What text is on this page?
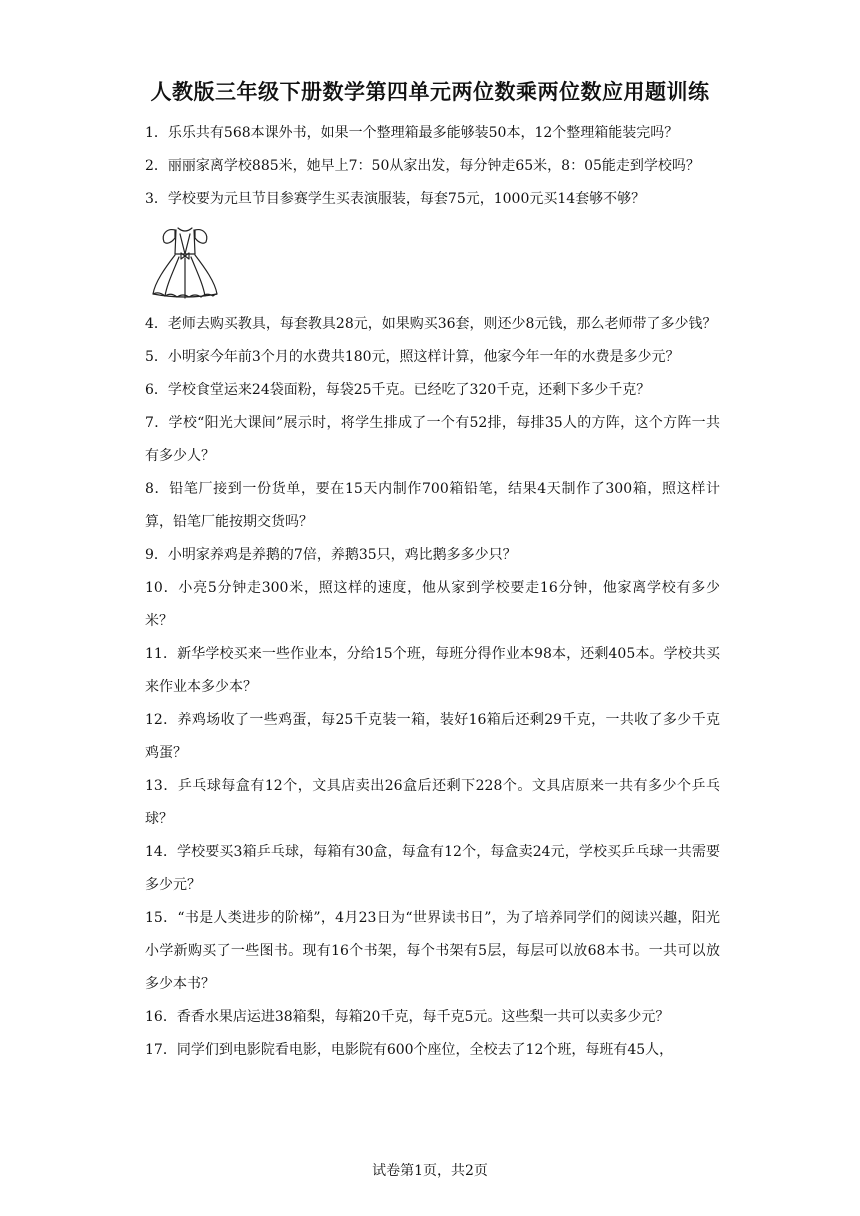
人教版三年级下册数学第四单元两位数乘两位数应用题训练
1．乐乐共有568本课外书，如果一个整理箱最多能够装50本，12个整理箱能装完吗？
2．丽丽家离学校885米，她早上7：50从家出发，每分钟走65米，8：05能走到学校吗？
3．学校要为元旦节目参赛学生买表演服装，每套75元，1000元买14套够不够？
4．老师去购买教具，每套教具28元，如果购买36套，则还少8元钱，那么老师带了多少钱？
5．小明家今年前3个月的水费共180元，照这样计算，他家今年一年的水费是多少元？
6．学校食堂运来24袋面粉，每袋25千克。已经吃了320千克，还剩下多少千克？
7．学校“阳光大课间”展示时，将学生排成了一个有52排，每排35人的方阵，这个方阵一共有多少人？
8．铅笔厂接到一份货单，要在15天内制作700箱铅笔，结果4天制作了300箱，照这样计算，铅笔厂能按期交货吗？
9．小明家养鸡是养鹅的7倍，养鹅35只，鸡比鹅多多少只？
10．小亮5分钟走300米，照这样的速度，他从家到学校要走16分钟，他家离学校有多少米？
11．新华学校买来一些作业本，分给15个班，每班分得作业本98本，还剩405本。学校共买来作业本多少本？
12．养鸡场收了一些鸡蛋，每25千克装一箱，装好16箱后还剩29千克，一共收了多少千克鸡蛋？
13．乒乓球每盒有12个，文具店卖出26盒后还剩下228个。文具店原来一共有多少个乒乓球？
14．学校要买3箱乒乓球，每箱有30盒，每盒有12个，每盒卖24元，学校买乒乓球一共需要多少元？
15．“书是人类进步的阶梯”，4月23日为“世界读书日”，为了培养同学们的阅读兴趣，阳光小学新购买了一些图书。现有16个书架，每个书架有5层，每层可以放68本书。一共可以放多少本书？
16．香香水果店运进38箱梨，每箱20千克，每千克5元。这些梨一共可以卖多少元？
17．同学们到电影院看电影，电影院有600个座位，全校去了12个班，每班有45人，
试卷第1页，共2页
